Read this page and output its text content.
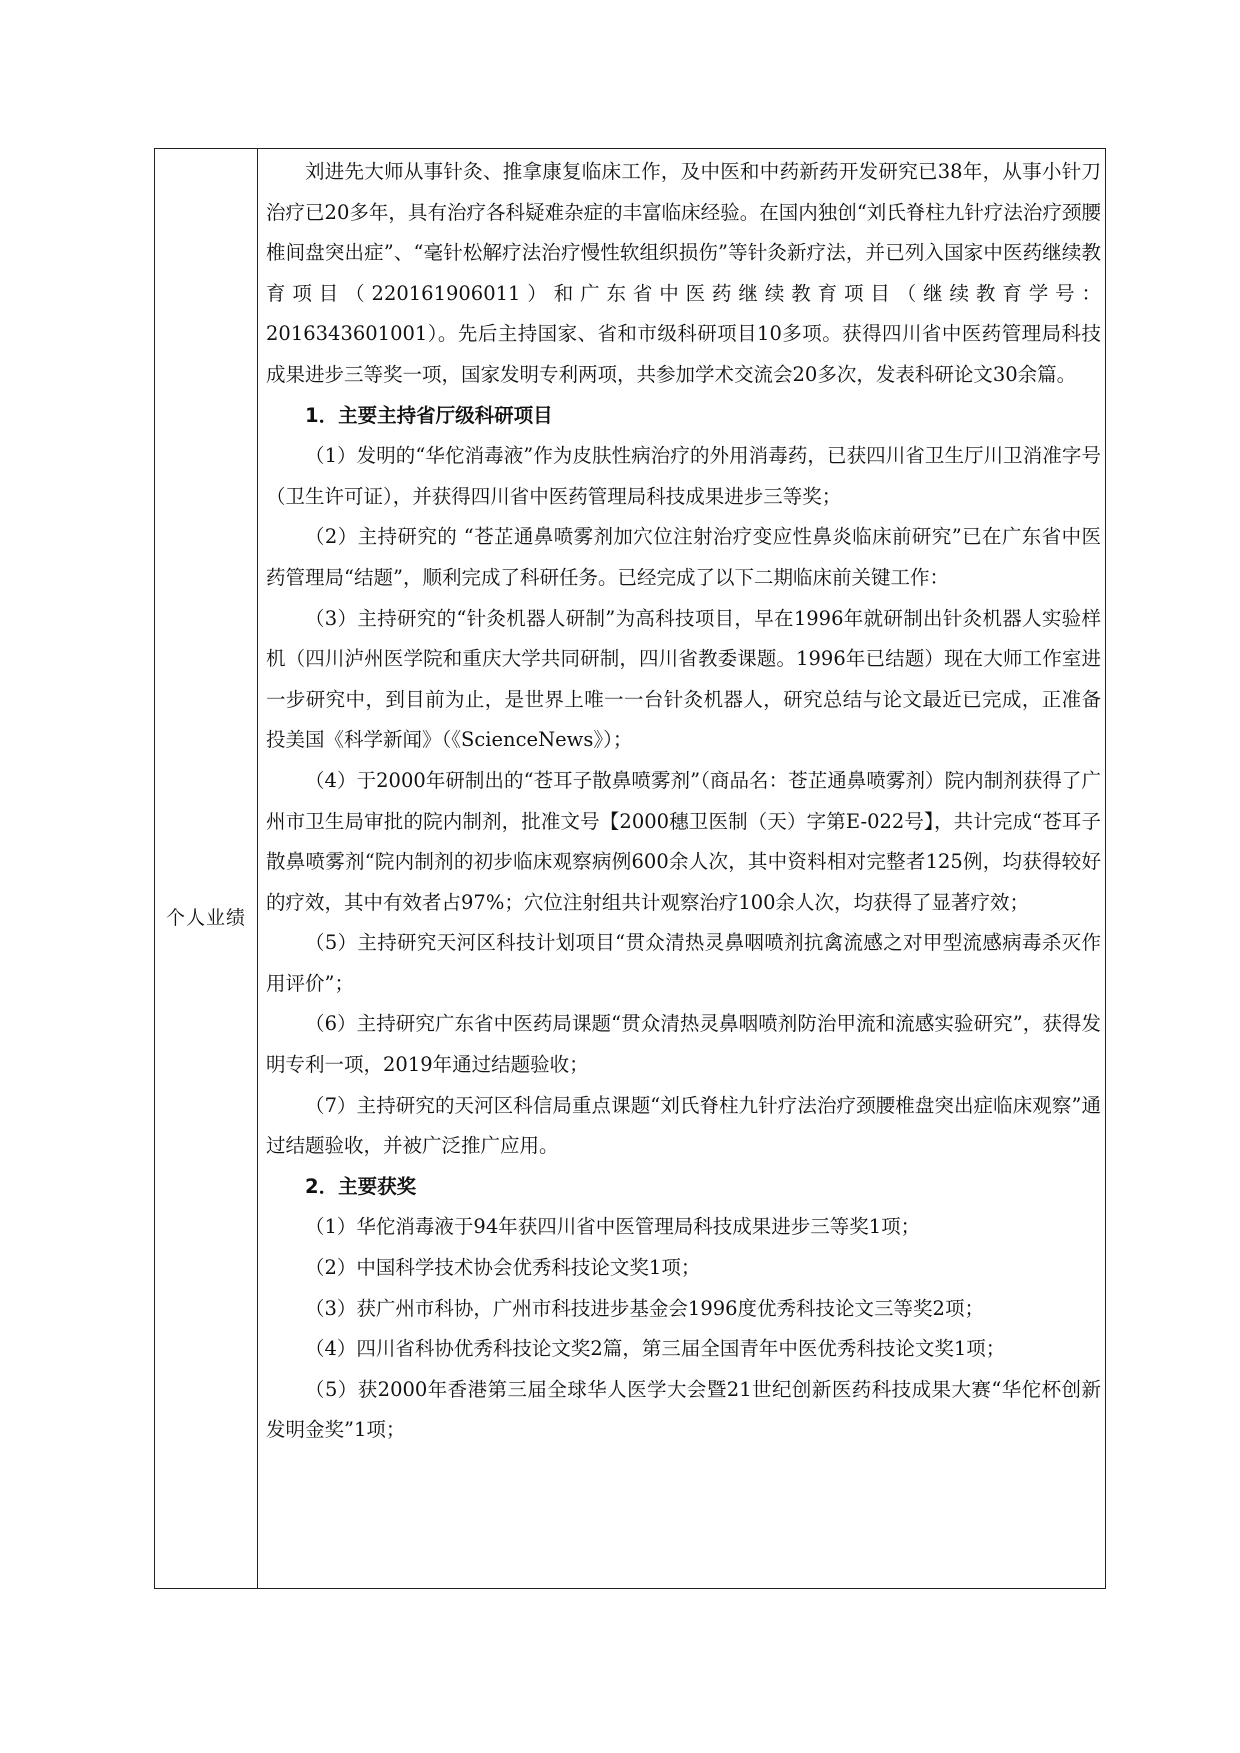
个人业绩

刘进先大师从事针灸、推拿康复临床工作，及中医和中药新药开发研究已38年，从事小针刀治疗已20多年，具有治疗各科疑难杂症的丰富临床经验。在国内独创“刘氏脊柱九针疗法治疗颈腰椎间盘突出症”、“毫针松解疗法治疗慢性软组织损伤”等针灸新疗法，并已列入国家中医药继续教育项目（220161906011）和广东省中医药继续教育项目（继续教育学号：2016343601001）。先后主持国家、省和市级科研项目10多项。获得四川省中医药管理局科技成果进步三等奖一项，国家发明专利两项，共参加学术交流会20多次，发表科研论文30余篇。

1．主要主持省厅级科研项目

（1）发明的“华佗消毒液”作为皮肤性病治疗的外用消毒药，已获四川省卫生厅川卫消准字号（卫生许可证），并获得四川省中医药管理局科技成果进步三等奖；

（2）主持研究的 “苍芷通鼻喷雾剂加穴位注射治疗变应性鼻炎临床前研究”已在广东省中医药管理局“结题”，顺利完成了科研任务。已经完成了以下二期临床前关键工作：

（3）主持研究的“针灸机器人研制”为高科技项目，早在1996年就研制出针灸机器人实验样机（四川泸州医学院和重庆大学共同研制，四川省教委课题。1996年已结题）现在大师工作室进一步研究中，到目前为止，是世界上唯一一台针灸机器人，研究总结与论文最近已完成，正准备投美国《科学新闻》（《ScienceNews》）；

（4）于2000年研制出的“苍耳子散鼻喷雾剂”（商品名：苍芷通鼻喷雾剂）院内制剂获得了广州市卫生局审批的院内制剂，批准文号【2000穗卫医制（天）字第E-022号】，共计完成“苍耳子散鼻喷雾剂“院内制剂的初步临床观察病例600余人次，其中资料相对完整者125例，均获得较好的疗效，其中有效者占97%；穴位注射组共计观察治疗100余人次，均获得了显著疗效；

（5）主持研究天河区科技计划项目“贯众清热灵鼻咽喷剂抗禽流感之对甲型流感病毒杀灭作用评价”；

（6）主持研究广东省中医药局课题“贯众清热灵鼻咽喷剂防治甲流和流感实验研究”，获得发明专利一项，2019年通过结题验收；

（7）主持研究的天河区科信局重点课题“刘氏脊柱九针疗法治疗颈腰椎盘突出症临床观察”通过结题验收，并被广泛推广应用。

2．主要获奖

（1）华佗消毒液于94年获四川省中医管理局科技成果进步三等奖1项；

（2）中国科学技术协会优秀科技论文奖1项；

（3）获广州市科协，广州市科技进步基金会1996度优秀科技论文三等奖2项；

（4）四川省科协优秀科技论文奖2篇，第三届全国青年中医优秀科技论文奖1项；

（5）获2000年香港第三届全球华人医学大会暨21世纪创新医药科技成果大赛“华佗杯创新发明金奖”1项；
